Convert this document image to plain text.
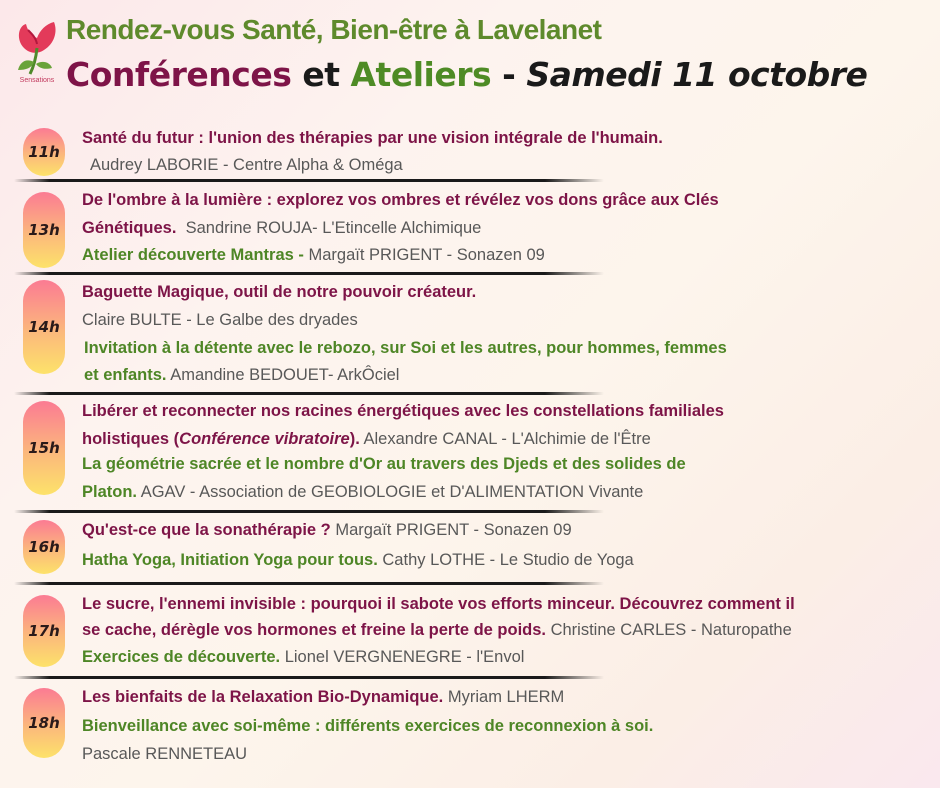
Sensations
Rendez-vous Santé, Bien-être à Lavelanet
Conférences et Ateliers - Samedi 11 octobre
11h
Santé du futur : l'union des thérapies par une vision intégrale de l'humain.
Audrey LABORIE - Centre Alpha & Oméga
13h
De l'ombre à la lumière : explorez vos ombres et révélez vos dons grâce aux Clés
Génétiques. Sandrine ROUJA- L'Etincelle Alchimique
Atelier découverte Mantras - Margaït PRIGENT - Sonazen 09
14h
Baguette Magique, outil de notre pouvoir créateur.
Claire BULTE - Le Galbe des dryades
Invitation à la détente avec le rebozo, sur Soi et les autres, pour hommes, femmes
et enfants. Amandine BEDOUET- ArkÔciel
15h
Libérer et reconnecter nos racines énergétiques avec les constellations familiales
holistiques (Conférence vibratoire). Alexandre CANAL - L'Alchimie de l'Être
La géométrie sacrée et le nombre d'Or au travers des Djeds et des solides de
Platon. AGAV - Association de GEOBIOLOGIE et D'ALIMENTATION Vivante
16h
Qu'est-ce que la sonathérapie ? Margaït PRIGENT - Sonazen 09
Hatha Yoga, Initiation Yoga pour tous. Cathy LOTHE - Le Studio de Yoga
17h
Le sucre, l'ennemi invisible : pourquoi il sabote vos efforts minceur. Découvrez comment il
se cache, dérègle vos hormones et freine la perte de poids. Christine CARLES - Naturopathe
Exercices de découverte. Lionel VERGNENEGRE - l'Envol
18h
Les bienfaits de la Relaxation Bio-Dynamique. Myriam LHERM
Bienveillance avec soi-même : différents exercices de reconnexion à soi.
Pascale RENNETEAU
